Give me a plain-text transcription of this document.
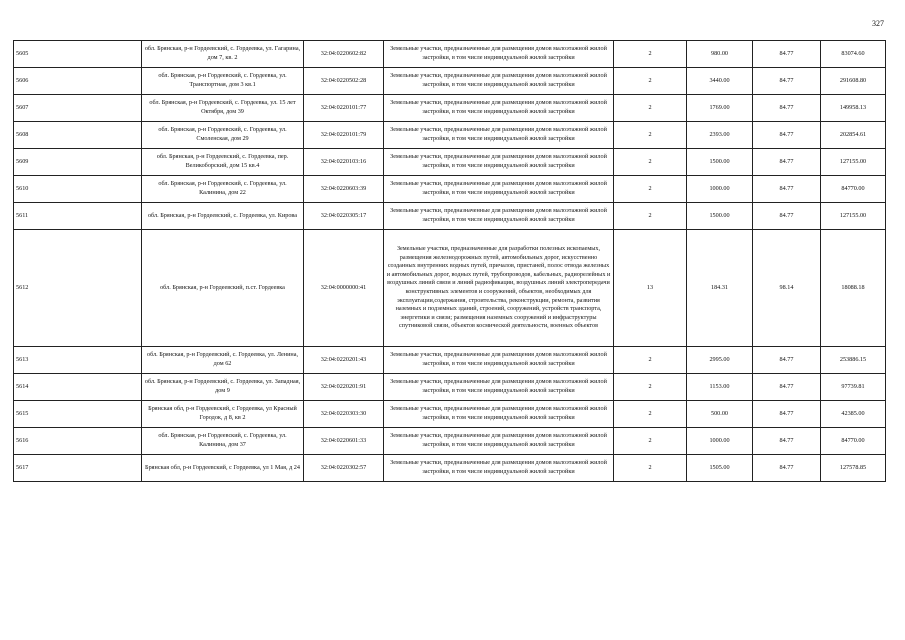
327
5605	обл. Брянская, р-н Гордеевский, с. Гордеевка, ул. Гагарина, дом 7, кв. 2	32:04:0220602:82	Земельные участки, предназначенные для размещения домов малоэтажной жилой застройки, в том числе индивидуальной жилой застройки	2	980.00	84.77	83074.60
5606	обл. Брянская, р-н Гордеевский, с. Гордеевка, ул. Транспортная, дом 3 кв.1	32:04:0220502:28	Земельные участки, предназначенные для размещения домов малоэтажной жилой застройки, в том числе индивидуальной жилой застройки	2	3440.00	84.77	291608.80
5607	обл. Брянская, р-н Гордеевский, с. Гордеевка, ул. 15 лет Октября, дом 39	32:04:0220101:77	Земельные участки, предназначенные для размещения домов малоэтажной жилой застройки, в том числе индивидуальной жилой застройки	2	1769.00	84.77	149958.13
5608	обл. Брянская, р-н Гордеевский, с. Гордеевка, ул. Смоленская, дом 29	32:04:0220101:79	Земельные участки, предназначенные для размещения домов малоэтажной жилой застройки, в том числе индивидуальной жилой застройки	2	2393.00	84.77	202854.61
5609	обл. Брянская, р-н Гордеевский, с. Гордеевка, пер. Великоборский, дом 15 кв.4	32:04:0220103:16	Земельные участки, предназначенные для размещения домов малоэтажной жилой застройки, в том числе индивидуальной жилой застройки	2	1500.00	84.77	127155.00
5610	обл. Брянская, р-н Гордеевский, с. Гордеевка, ул. Калинина, дом 22	32:04:0220603:39	Земельные участки, предназначенные для размещения домов малоэтажной жилой застройки, в том числе индивидуальной жилой застройки	2	1000.00	84.77	84770.00
5611	обл. Брянская, р-н Гордеевский, с. Гордеевка, ул. Кирова	32:04:0220305:17	Земельные участки, предназначенные для размещения домов малоэтажной жилой застройки, в том числе индивидуальной жилой застройки	2	1500.00	84.77	127155.00
5612	обл. Брянская, р-н Гордеевский, п.ст. Гордеевка	32:04:0000000:41	Земельные участки, предназначенные для разработки полезных ископаемых, размещения железнодорожных путей, автомобильных дорог, искусственно созданных внутренних водных путей, причалов, пристаней, полос отвода железных и автомобильных дорог, водных путей, трубопроводов, кабельных, радиорелейных и воздушных линий связи и линий радиофикации, воздушных линий электропередачи конструктивных элементов и сооружений, объектов, необходимых для эксплуатации,содержания, строительства, реконструкции, ремонта, развития наземных и подземных зданий, строений, сооружений, устройств транспорта, энергетики и связи; размещения наземных сооружений и инфраструктуры спутниковой связи, объектов космической деятельности, военных объектов	13	184.31	98.14	18088.18
5613	обл. Брянская, р-н Гордеевский, с. Гордеевка, ул. Ленина, дом 62	32:04:0220201:43	Земельные участки, предназначенные для размещения домов малоэтажной жилой застройки, в том числе индивидуальной жилой застройки	2	2995.00	84.77	253886.15
5614	обл. Брянская, р-н Гордеевский, с. Гордеевка, ул. Западная, дом 9	32:04:0220201:91	Земельные участки, предназначенные для размещения домов малоэтажной жилой застройки, в том числе индивидуальной жилой застройки	2	1153.00	84.77	97739.81
5615	Брянская обл, р-н Гордеевский, с Гордеевка, ул Красный Городок, д 8, кв 2	32:04:0220303:30	Земельные участки, предназначенные для размещения домов малоэтажной жилой застройки, в том числе индивидуальной жилой застройки	2	500.00	84.77	42385.00
5616	обл. Брянская, р-н Гордеевский, с. Гордеевка, ул. Калинина, дом 37	32:04:0220601:33	Земельные участки, предназначенные для размещения домов малоэтажной жилой застройки, в том числе индивидуальной жилой застройки	2	1000.00	84.77	84770.00
5617	Брянская обл, р-н Гордеевский, с Гордеевка, ул 1 Мая, д 24	32:04:0220302:57	Земельные участки, предназначенные для размещения домов малоэтажной жилой застройки, в том числе индивидуальной жилой застройки	2	1505.00	84.77	127578.85
